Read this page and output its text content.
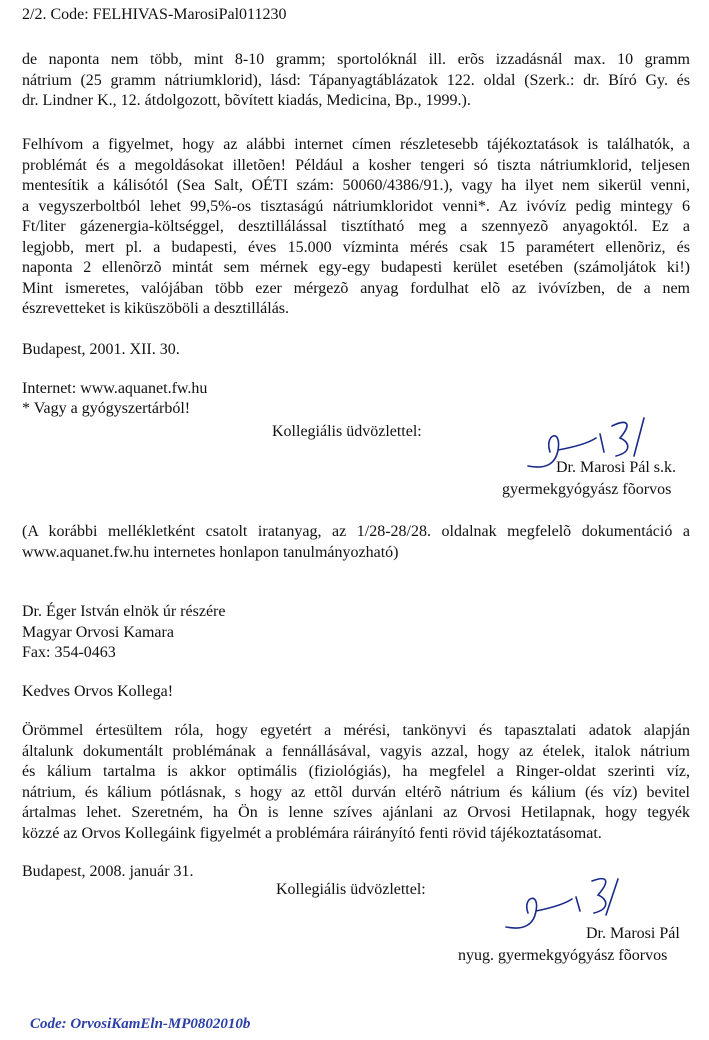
2/2. Code: FELHIVAS-MarosiPal011230
de naponta nem több, mint 8-10 gramm; sportolóknál ill. erõs izzadásnál max. 10 gramm
nátrium (25 gramm nátriumklorid), lásd: Tápanyagtáblázatok 122. oldal (Szerk.: dr. Bíró Gy. és
dr. Lindner K., 12. átdolgozott, bõvített kiadás, Medicina, Bp., 1999.).
Felhívom a figyelmet, hogy az alábbi internet címen részletesebb tájékoztatások is találhatók, a
problémát és a megoldásokat illetõen! Például a kosher tengeri só tiszta nátriumklorid, teljesen
mentesítik a kálisótól (Sea Salt, OÉTI szám: 50060/4386/91.), vagy ha ilyet nem sikerül venni,
a vegyszerboltból lehet 99,5%-os tisztaságú nátriumkloridot venni*. Az ivóvíz pedig mintegy 6
Ft/liter gázenergia-költséggel, desztillálással tisztítható meg a szennyezõ anyagoktól. Ez a
legjobb, mert pl. a budapesti, éves 15.000 vízminta mérés csak 15 paramétert ellenõriz, és
naponta 2 ellenõrzõ mintát sem mérnek egy-egy budapesti kerület esetében (számoljátok ki!)
Mint ismeretes, valójában több ezer mérgezõ anyag fordulhat elõ az ivóvízben, de a nem
észrevetteket is kiküszöböli a desztillálás.
Budapest, 2001. XII. 30.
Internet: www.aquanet.fw.hu
* Vagy a gyógyszertárból!
Kollegiális üdvözlettel:
Dr. Marosi Pál s.k.
gyermekgyógyász fõorvos
(A korábbi mellékletként csatolt iratanyag, az 1/28-28/28. oldalnak megfelelõ dokumentáció a
www.aquanet.fw.hu internetes honlapon tanulmányozható)
Dr. Éger István elnök úr részére
Magyar Orvosi Kamara
Fax: 354-0463
Kedves Orvos Kollega!
Örömmel értesültem róla, hogy egyetért a mérési, tankönyvi és tapasztalati adatok alapján
általunk dokumentált problémának a fennállásával, vagyis azzal, hogy az ételek, italok nátrium
és kálium tartalma is akkor optimális (fiziológiás), ha megfelel a Ringer-oldat szerinti víz,
nátrium, és kálium pótlásnak, s hogy az ettõl durván eltérõ nátrium és kálium (és víz) bevitel
ártalmas lehet. Szeretném, ha Ön is lenne szíves ajánlani az Orvosi Hetilapnak, hogy tegyék
közzé az Orvos Kollegáink figyelmét a problémára ráirányító fenti rövid tájékoztatásomat.
Budapest, 2008. január 31.
Kollegiális üdvözlettel:
Dr. Marosi Pál
nyug. gyermekgyógyász fõorvos
Code: OrvosiKamEln-MP0802010b
